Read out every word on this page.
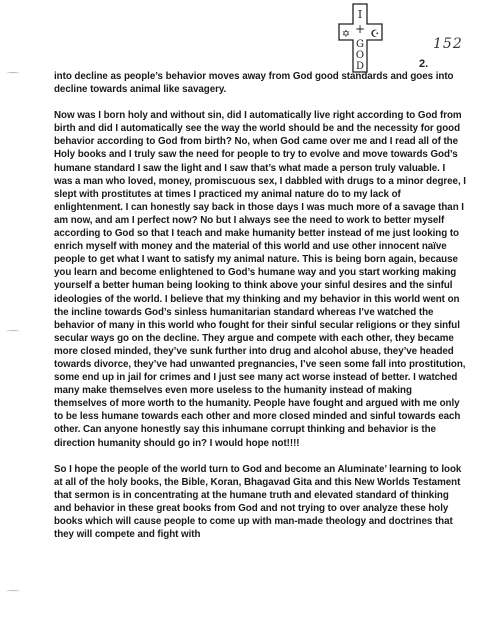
I
+
G
O
D
✡ ☪
152
2.

into decline as people’s behavior moves away from God good standards and goes into decline towards animal like savagery.

Now was I born holy and without sin, did I automatically live right according to God from birth and did I automatically see the way the world should be and the necessity for good behavior according to God from birth? No, when God came over me and I read all of the Holy books and I truly saw the need for people to try to evolve and move towards God’s humane standard I saw the light and I saw that’s what made a person truly valuable. I was a man who loved, money, promiscuous sex, I dabbled with drugs to a minor degree, I slept with prostitutes at times I practiced my animal nature do to my lack of enlightenment. I can honestly say back in those days I was much more of a savage than I am now, and am I perfect now? No but I always see the need to work to better myself according to God so that I teach and make humanity better instead of me just looking to enrich myself with money and the material of this world and use other innocent naïve people to get what I want to satisfy my animal nature. This is being born again, because you learn and become enlightened to God’s humane way and you start working making yourself a better human being looking to think above your sinful desires and the sinful ideologies of the world. I believe that my thinking and my behavior in this world went on the incline towards God’s sinless humanitarian standard whereas I’ve watched the behavior of many in this world who fought for their sinful secular religions or they sinful secular ways go on the decline. They argue and compete with each other, they became more closed minded, they’ve sunk further into drug and alcohol abuse, they’ve headed towards divorce, they’ve had unwanted pregnancies, I’ve seen some fall into prostitution, some end up in jail for crimes and I just see many act worse instead of better. I watched many make themselves even more useless to the humanity instead of making themselves of more worth to the humanity. People have fought and argued with me only to be less humane towards each other and more closed minded and sinful towards each other. Can anyone honestly say this inhumane corrupt thinking and behavior is the direction humanity should go in? I would hope not!!!!

So I hope the people of the world turn to God and become an Aluminate’ learning to look at all of the holy books, the Bible, Koran, Bhagavad Gita and this New Worlds Testament that sermon is in concentrating at the humane truth and elevated standard of thinking and behavior in these great books from God and not trying to over analyze these holy books which will cause people to come up with man-made theology and doctrines that they will compete and fight with
